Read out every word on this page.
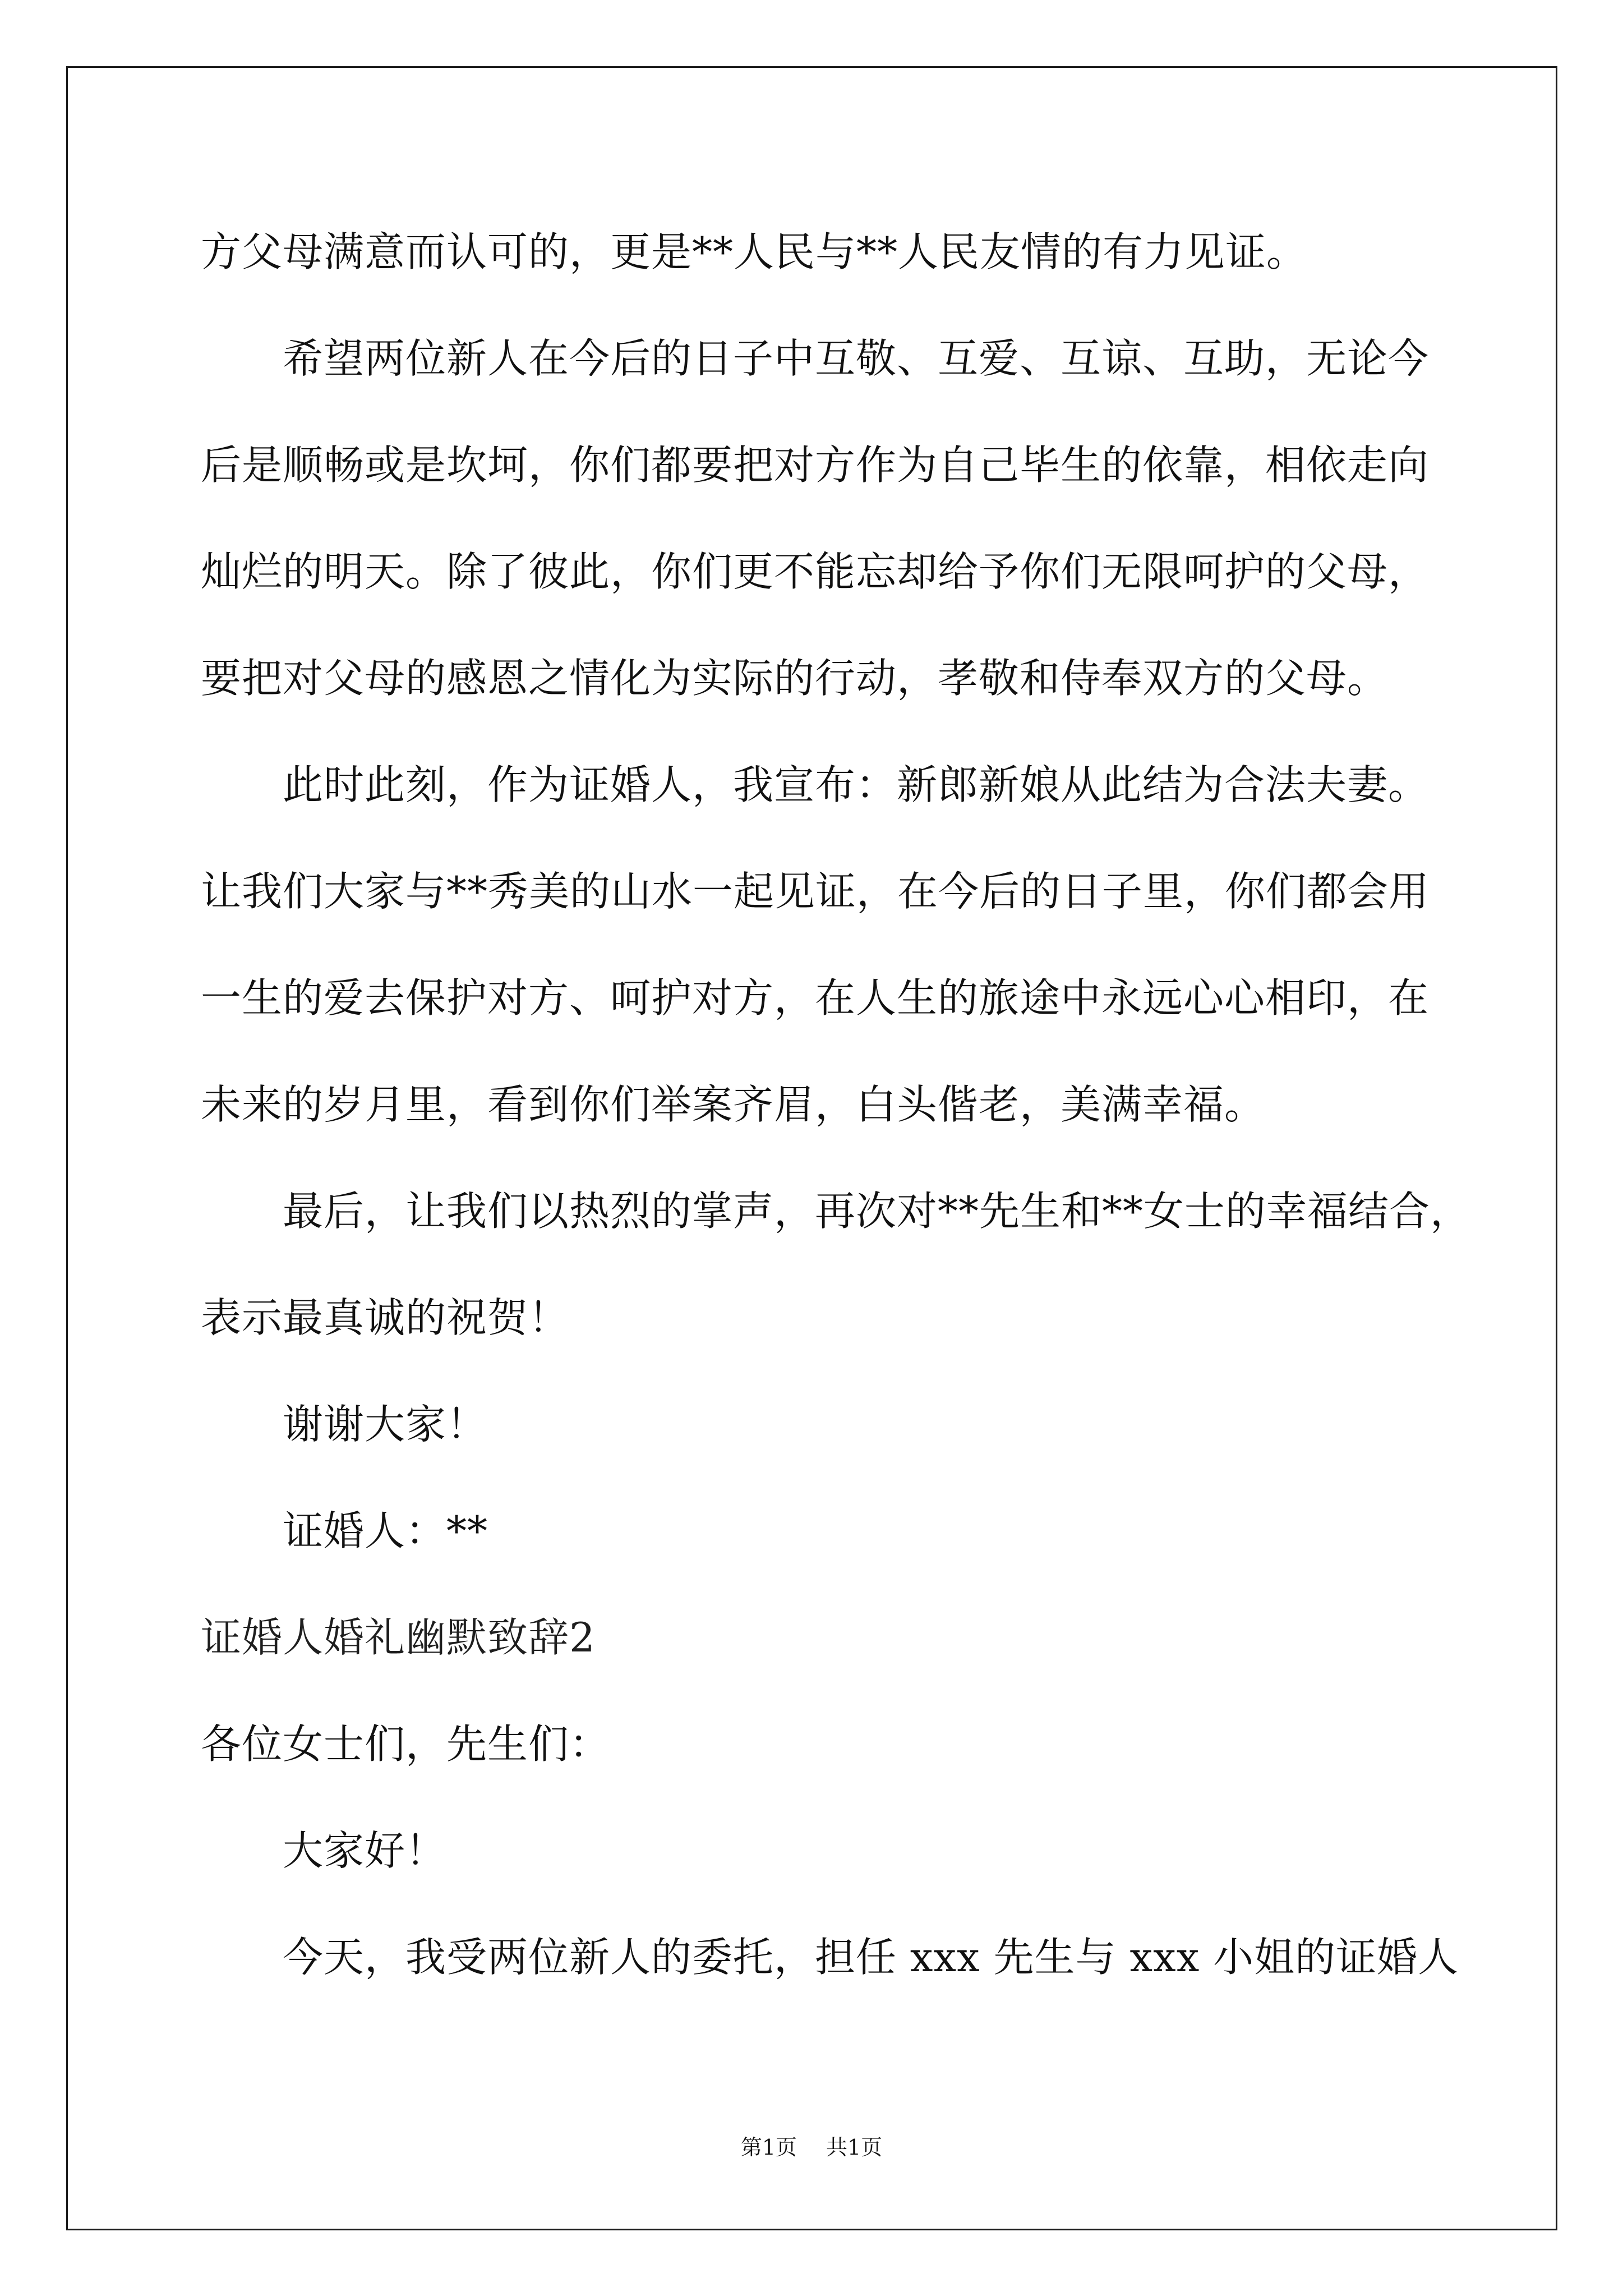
方父母满意而认可的，更是**人民与**人民友情的有力见证。
希望两位新人在今后的日子中互敬、互爱、互谅、互助，无论今
后是顺畅或是坎坷，你们都要把对方作为自己毕生的依靠，相依走向
灿烂的明天。除了彼此，你们更不能忘却给予你们无限呵护的父母，
要把对父母的感恩之情化为实际的行动，孝敬和侍奉双方的父母。
此时此刻，作为证婚人，我宣布：新郎新娘从此结为合法夫妻。
让我们大家与**秀美的山水一起见证，在今后的日子里，你们都会用
一生的爱去保护对方、呵护对方，在人生的旅途中永远心心相印，在
未来的岁月里，看到你们举案齐眉，白头偕老，美满幸福。
最后，让我们以热烈的掌声，再次对**先生和**女士的幸福结合，
表示最真诚的祝贺！
谢谢大家！
证婚人：**
证婚人婚礼幽默致辞2
各位女士们，先生们：
大家好！
今天，我受两位新人的委托，担任 xxx 先生与 xxx 小姐的证婚人
第1页 共1页
